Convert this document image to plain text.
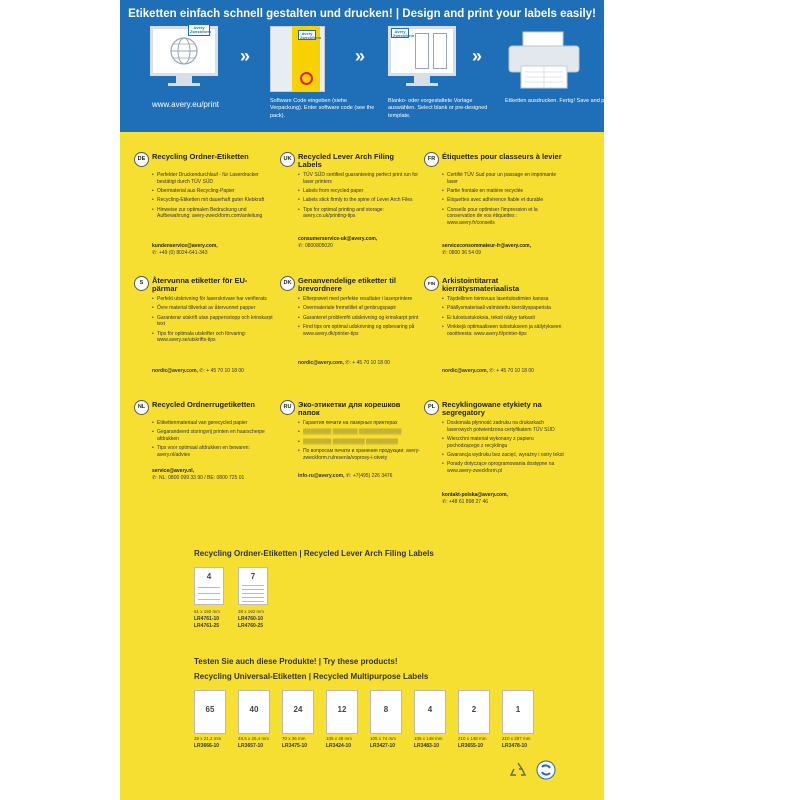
Etiketten einfach schnell gestalten und drucken! | Design and print your labels easily!
Avery Zweckform
www.avery.eu/print
»
Avery Zweckform
Software Code eingeben (siehe Verpackung). Enter software code (see the pack).
»
Avery Zweckform
Blanko- oder vorgestaltete Vorlage auswählen. Select blank or pre-designed template.
»
Etiketten ausdrucken. Fertig! Save and print!
DE Recycling Ordner-Etiketten
• Perfekter Druckendurchlauf - für Laserdrucker bestätigt durch TÜV SÜD
• Obermaterial aus Recycling-Papier
• Recycling-Etiketten mit dauerhaft guter Klebkraft
• Hinweise zur optimalen Bedruckung und Aufbewahrung: avery-zweckform.com/anleitung
kundenservice@avery.com,
✆: +49 (0) 8024-641-343
UK Recycled Lever Arch Filing Labels
• TÜV SÜD certified guaranteeing perfect print run for laser printers
• Labels from recycled paper
• Labels stick firmly to the spine of Lever Arch Files
• Tips for optimal printing and storage: avery.co.uk/printing-tips
consumerservice-uk@avery.com,
✆: 0800805020
FR Étiquettes pour classeurs à levier
• Certifié TÜV Sud pour un passage en imprimante laser
• Partie frontale en matière recyclée
• Étiquettes avec adhérence fiable et durable
• Conseils pour optimiser l'impression et la conservation de vos étiquettes : www.avery.fr/conseils
serviceconsommateur-fr@avery.com,
✆: 0800 36 54 09
S	Återvunna etiketter för EU-pärmar
• Perfekt utskrivning för laserskrivare har verifierats
• Övre material tillverkat av återvunnet papper
• Garanterar utskrift utan pappersstopp och krinskarpt text
• Tips för optimala utskrifter och förvaring: www.avery.se/utskrifts-tips
nordic@avery.com, ✆: + 45 70 10 18 00
DK Genanvendelige etiketter til brevordnere
• Efterprøvet med perfekte resultater i laserprintere
• Overmateriale fremstillet af genbrugspapir
• Garanteret problemfri udskrivning og krinskarpt print
• Find tips om optimal udskrivning og opbevaring på www.avery.dk/printer-tips
nordic@avery.com, ✆: + 45 70 10 18 00
FIN Arkistointitarrat kierrätysmateriaalista
• Täydellinen toimivuus lasertulostimien kanssa
• Päällysmateriaali valmistettu kierrätyspaperista
• Ei tulostustukoksia, teksti näkyy tarkasti
• Vinkkejä optimaaliseen tulostukseen ja säilytykseen osoitteesta: www.avery.fi/printer-tips
nordic@avery.com, ✆: + 45 70 10 18 00
NL Recycled Ordnerrugetiketten
• Etikettenmateriaal van gerecycled papier
• Gegarandeerd storingvrij printen en haarscherpe afdrukken
• Tips voor optimaal afdrukken en bewaren: avery.nl/advies
service@avery.nl,
✆: NL: 0800 099 33 90 / BE: 0800 725 01
RU Эко-этикетки для корешков папок
• Гарантия печати на лазерных принтерах
• ▒▒▒▒▒▒▒▒ ▒▒▒▒▒▒▒ ▒▒▒▒▒▒▒▒▒▒▒▒
• ▒▒▒▒▒▒▒▒ ▒▒▒▒▒▒▒▒▒ ▒▒▒▒▒▒▒▒▒
• По вопросам печати и хранения продукции: avery-zweckform.ru/resenia/voprosy-i-otvety
info-ru@avery.com, ✆: +7(495) 226 3476
PL Recyklingowane etykiety na segregatory
• Doskonała płynność zadruku na drukarkach laserowych potwierdzona certyfikatem TÜV SÜD
• Wierzchni materiał wykonany z papieru pochodzącego z recyklingu
• Gwarancja wydruku bez zacięć, wyraźny i ostry tekst
• Porady dotyczące oprogramowania dostępne na www.avery-zweckform.pl
kontakt-polska@avery.com,
✆: +48 61 898 27 46
Recycling Ordner-Etiketten | Recycled Lever Arch Filing Labels
4
61 x 192 mm
LR4761-10
LR4761-25
7
38 x 192 mm
LR4760-10
LR4760-25
Testen Sie auch diese Produkte! | Try these products!
Recycling Universal-Etiketten | Recycled Multipurpose Labels
65
38 x 21,2 mm
LR3666-10
40
48,5 x 25,4 mm
LR3657-10
24
70 x 36 mm
LR3475-10
12
105 x 48 mm
LR3424-10
8
105 x 74 mm
LR3427-10
4
105 x 148 mm
LR3483-10
2
210 x 148 mm
LR3655-10
1
210 x 297 mm
LR3478-10
